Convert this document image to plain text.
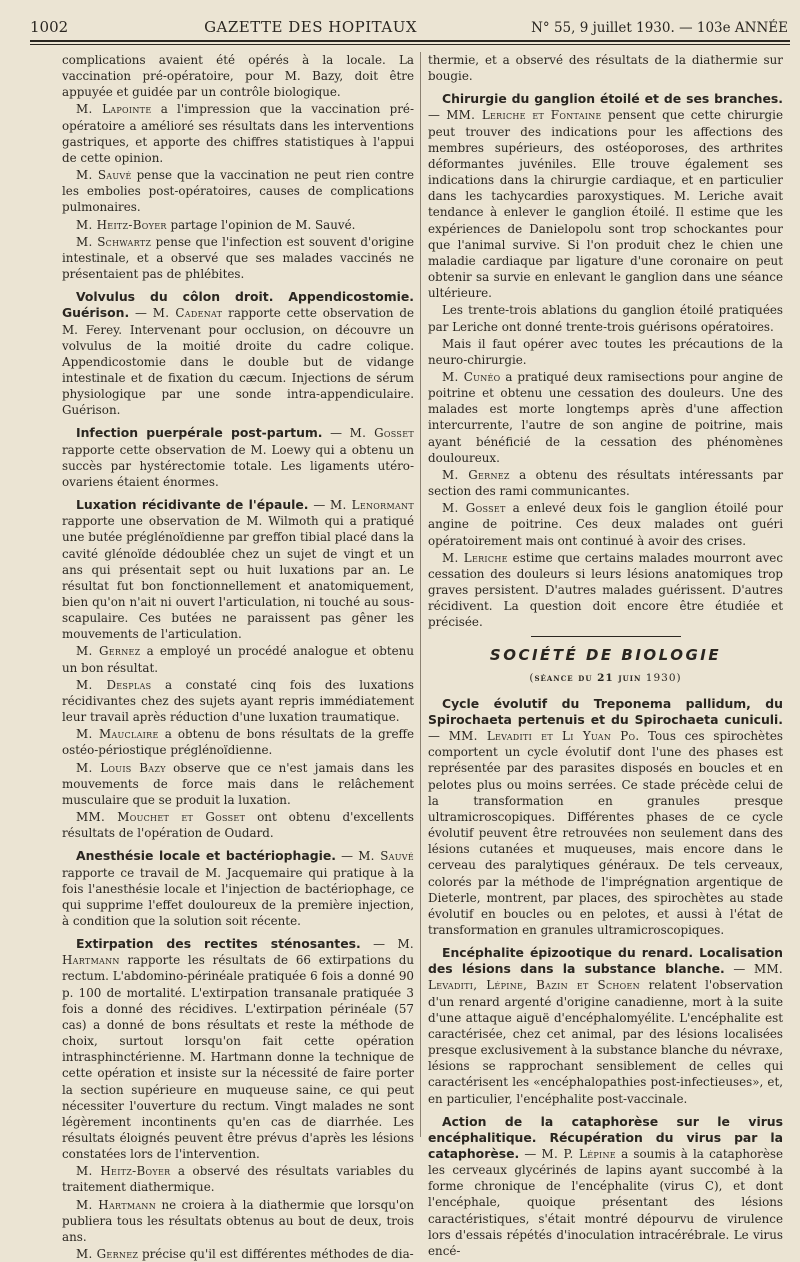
1002	GAZETTE DES HOPITAUX	N° 55, 9 juillet 1930. — 103e ANNÉE

complications avaient été opérés à la locale. La vaccination pré-opératoire, pour M. Bazy, doit être appuyée et guidée par un contrôle biologique.

M. Lapointe a l'impression que la vaccination pré-opératoire a amélioré ses résultats dans les interventions gastriques, et apporte des chiffres statistiques à l'appui de cette opinion.

M. Sauvé pense que la vaccination ne peut rien contre les embolies post-opératoires, causes de complications pulmonaires.

M. Heitz-Boyer partage l'opinion de M. Sauvé.

M. Schwartz pense que l'infection est souvent d'origine intestinale, et a observé que ses malades vaccinés ne présentaient pas de phlébites.

Volvulus du côlon droit. Appendicostomie. Guérison. — M. Cadenat rapporte cette observation de M. Ferey. Intervenant pour occlusion, on découvre un volvulus de la moitié droite du cadre colique. Appendicostomie dans le double but de vidange intestinale et de fixation du cæcum. Injections de sérum physiologique par une sonde intra-appendiculaire. Guérison.

Infection puerpérale post-partum. — M. Gosset rapporte cette observation de M. Loewy qui a obtenu un succès par hystérectomie totale. Les ligaments utéro-ovariens étaient énormes.

Luxation récidivante de l'épaule. — M. Lenormant rapporte une observation de M. Wilmoth qui a pratiqué une butée préglénoïdienne par greffon tibial placé dans la cavité glénoïde dédoublée chez un sujet de vingt et un ans qui présentait sept ou huit luxations par an. Le résultat fut bon fonctionnellement et anatomiquement, bien qu'on n'ait ni ouvert l'articulation, ni touché au sous-scapulaire. Ces butées ne paraissent pas gêner les mouvements de l'articulation.

M. Gernez a employé un procédé analogue et obtenu un bon résultat.

M. Desplas a constaté cinq fois des luxations récidivantes chez des sujets ayant repris immédiatement leur travail après réduction d'une luxation traumatique.

M. Mauclaire a obtenu de bons résultats de la greffe ostéo-périostique préglénoïdienne.

M. Louis Bazy observe que ce n'est jamais dans les mouvements de force mais dans le relâchement musculaire que se produit la luxation.

MM. Mouchet et Gosset ont obtenu d'excellents résultats de l'opération de Oudard.

Anesthésie locale et bactériophagie. — M. Sauvé rapporte ce travail de M. Jacquemaire qui pratique à la fois l'anesthésie locale et l'injection de bactériophage, ce qui supprime l'effet douloureux de la première injection, à condition que la solution soit récente.

Extirpation des rectites sténosantes. — M. Hartmann rapporte les résultats de 66 extirpations du rectum. L'abdomino-périnéale pratiquée 6 fois a donné 90 p. 100 de mortalité. L'extirpation transanale pratiquée 3 fois a donné des récidives. L'extirpation périnéale (57 cas) a donné de bons résultats et reste la méthode de choix, surtout lorsqu'on fait cette opération intrasphinctérienne. M. Hartmann donne la technique de cette opération et insiste sur la nécessité de faire porter la section supérieure en muqueuse saine, ce qui peut nécessiter l'ouverture du rectum. Vingt malades ne sont légèrement incontinents qu'en cas de diarrhée. Les résultats éloignés peuvent être prévus d'après les lésions constatées lors de l'intervention.

M. Heitz-Boyer a observé des résultats variables du traitement diathermique.

M. Hartmann ne croiera à la diathermie que lorsqu'on publiera tous les résultats obtenus au bout de deux, trois ans.

M. Gernez précise qu'il est différentes méthodes de dia-

thermie, et a observé des résultats de la diathermie sur bougie.

Chirurgie du ganglion étoilé et de ses branches. — MM. Leriche et Fontaine pensent que cette chirurgie peut trouver des indications pour les affections des membres supérieurs, des ostéoporoses, des arthrites déformantes juvéniles. Elle trouve également ses indications dans la chirurgie cardiaque, et en particulier dans les tachycardies paroxystiques. M. Leriche avait tendance à enlever le ganglion étoilé. Il estime que les expériences de Danielopolu sont trop schockantes pour que l'animal survive. Si l'on produit chez le chien une maladie cardiaque par ligature d'une coronaire on peut obtenir sa survie en enlevant le ganglion dans une séance ultérieure.

Les trente-trois ablations du ganglion étoilé pratiquées par Leriche ont donné trente-trois guérisons opératoires.

Mais il faut opérer avec toutes les précautions de la neuro-chirurgie.

M. Cunéo a pratiqué deux ramisections pour angine de poitrine et obtenu une cessation des douleurs. Une des malades est morte longtemps après d'une affection intercurrente, l'autre de son angine de poitrine, mais ayant bénéficié de la cessation des phénomènes douloureux.

M. Gernez a obtenu des résultats intéressants par section des rami communicantes.

M. Gosset a enlevé deux fois le ganglion étoilé pour angine de poitrine. Ces deux malades ont guéri opératoirement mais ont continué à avoir des crises.

M. Leriche estime que certains malades mourront avec cessation des douleurs si leurs lésions anatomiques trop graves persistent. D'autres malades guérissent. D'autres récidivent. La question doit encore être étudiée et précisée.

SOCIÉTÉ DE BIOLOGIE

(séance du 21 juin 1930)

Cycle évolutif du Treponema pallidum, du Spirochaeta pertenuis et du Spirochaeta cuniculi. — MM. Levaditi et Li Yuan Po. Tous ces spirochètes comportent un cycle évolutif dont l'une des phases est représentée par des parasites disposés en boucles et en pelotes plus ou moins serrées. Ce stade précède celui de la transformation en granules presque ultramicroscopiques. Différentes phases de ce cycle évolutif peuvent être retrouvées non seulement dans des lésions cutanées et muqueuses, mais encore dans le cerveau des paralytiques généraux. De tels cerveaux, colorés par la méthode de l'imprégnation argentique de Dieterle, montrent, par places, des spirochètes au stade évolutif en boucles ou en pelotes, et aussi à l'état de transformation en granules ultramicroscopiques.

Encéphalite épizootique du renard. Localisation des lésions dans la substance blanche. — MM. Levaditi, Lépine, Bazin et Schoen relatent l'observation d'un renard argenté d'origine canadienne, mort à la suite d'une attaque aiguë d'encéphalomyélite. L'encéphalite est caractérisée, chez cet animal, par des lésions localisées presque exclusivement à la substance blanche du névraxe, lésions se rapprochant sensiblement de celles qui caractérisent les «encéphalopathies post-infectieuses», et, en particulier, l'encéphalite post-vaccinale.

Action de la cataphorèse sur le virus encéphalitique. Récupération du virus par la cataphorèse. — M. P. Lépine a soumis à la cataphorèse les cerveaux glycérinés de lapins ayant succombé à la forme chronique de l'encéphalite (virus C), et dont l'encéphale, quoique présentant des lésions caractéristiques, s'était montré dépourvu de virulence lors d'essais répétés d'inoculation intracérébrale. Le virus encé-
